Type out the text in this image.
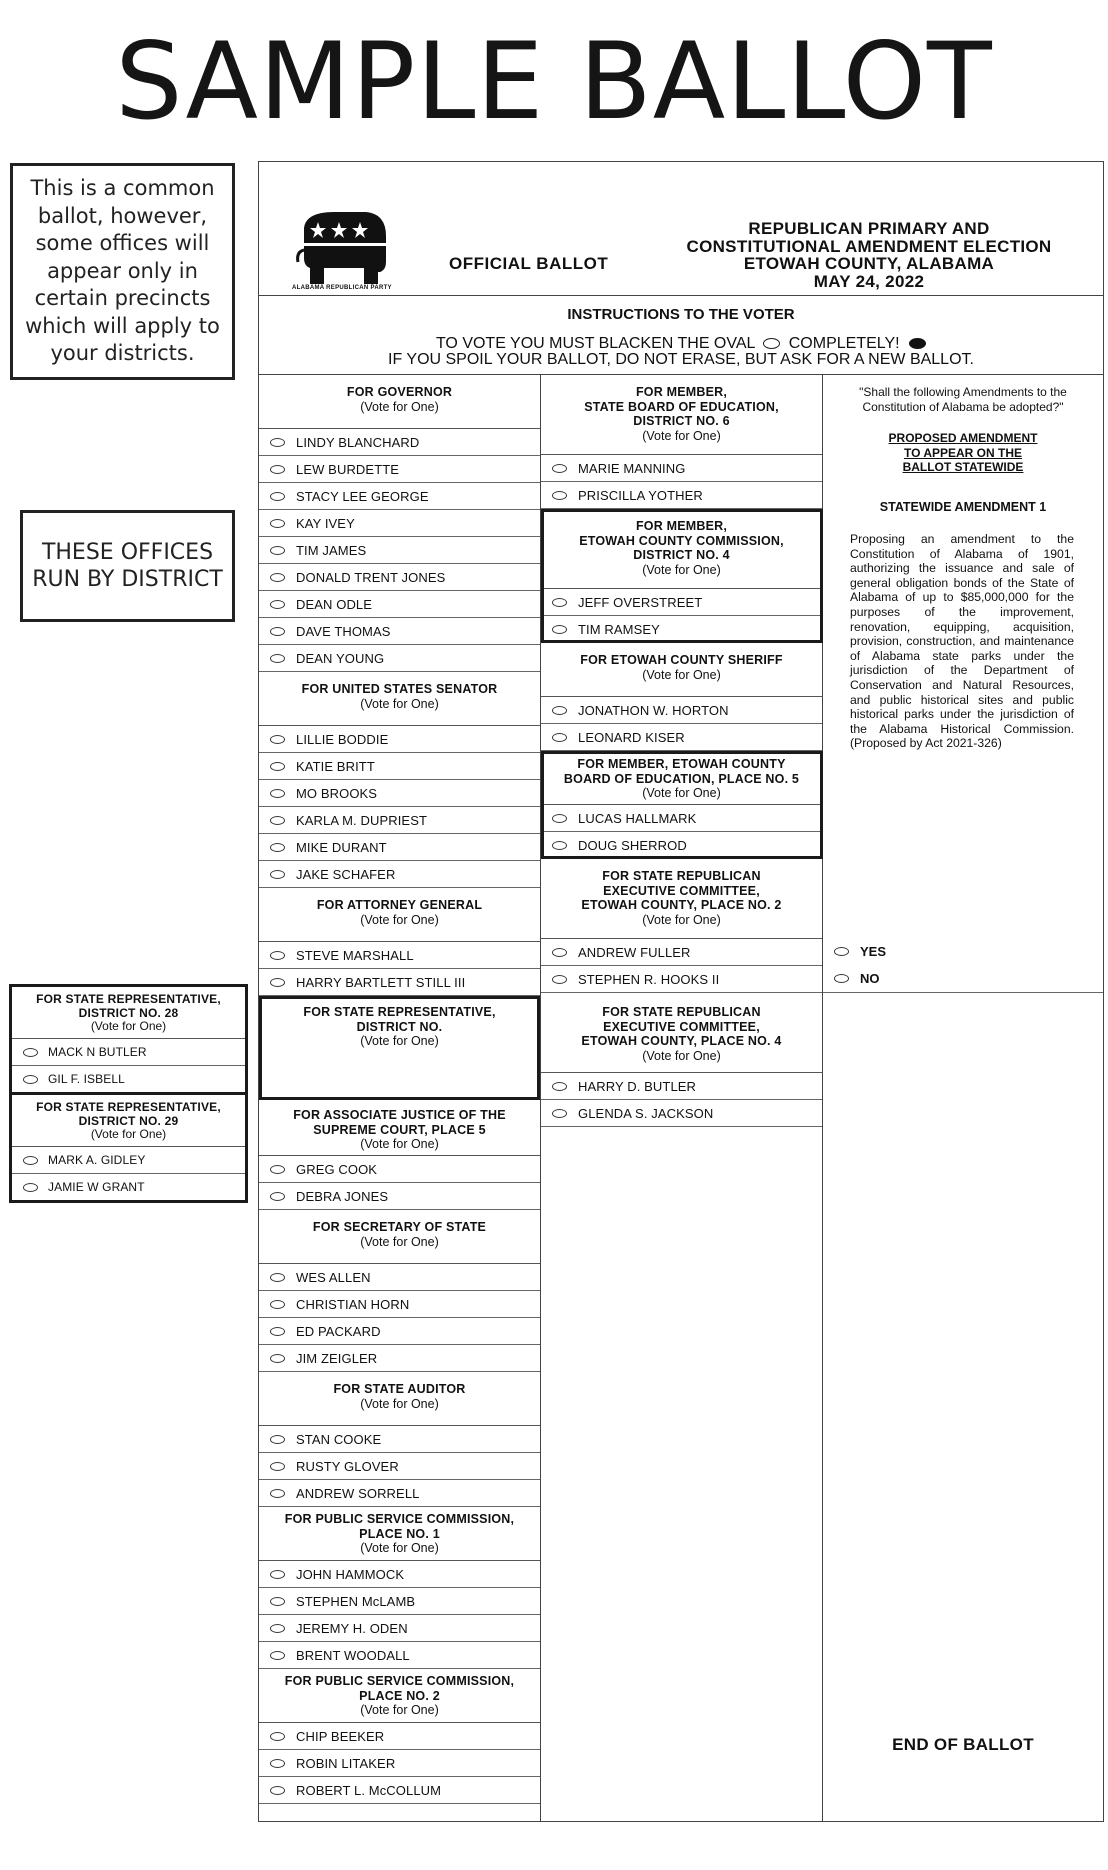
SAMPLE BALLOT
This is a common ballot, however, some offices will appear only in certain precincts which will apply to your districts.
THESE OFFICES RUN BY DISTRICT
ALABAMA REPUBLICAN PARTY
OFFICIAL BALLOT
REPUBLICAN PRIMARY AND
CONSTITUTIONAL AMENDMENT ELECTION
ETOWAH COUNTY, ALABAMA
MAY 24, 2022
INSTRUCTIONS TO THE VOTER
TO VOTE YOU MUST BLACKEN THE OVAL COMPLETELY!
IF YOU SPOIL YOUR BALLOT, DO NOT ERASE, BUT ASK FOR A NEW BALLOT.
FOR GOVERNOR
(Vote for One)
LINDY BLANCHARD
LEW BURDETTE
STACY LEE GEORGE
KAY IVEY
TIM JAMES
DONALD TRENT JONES
DEAN ODLE
DAVE THOMAS
DEAN YOUNG
FOR UNITED STATES SENATOR
(Vote for One)
LILLIE BODDIE
KATIE BRITT
MO BROOKS
KARLA M. DUPRIEST
MIKE DURANT
JAKE SCHAFER
FOR ATTORNEY GENERAL
(Vote for One)
STEVE MARSHALL
HARRY BARTLETT STILL III
FOR STATE REPRESENTATIVE,
DISTRICT NO.
(Vote for One)
FOR ASSOCIATE JUSTICE OF THE
SUPREME COURT, PLACE 5
(Vote for One)
GREG COOK
DEBRA JONES
FOR SECRETARY OF STATE
(Vote for One)
WES ALLEN
CHRISTIAN HORN
ED PACKARD
JIM ZEIGLER
FOR STATE AUDITOR
(Vote for One)
STAN COOKE
RUSTY GLOVER
ANDREW SORRELL
FOR PUBLIC SERVICE COMMISSION,
PLACE NO. 1
(Vote for One)
JOHN HAMMOCK
STEPHEN McLAMB
JEREMY H. ODEN
BRENT WOODALL
FOR PUBLIC SERVICE COMMISSION,
PLACE NO. 2
(Vote for One)
CHIP BEEKER
ROBIN LITAKER
ROBERT L. McCOLLUM
FOR MEMBER,
STATE BOARD OF EDUCATION,
DISTRICT NO. 6
(Vote for One)
MARIE MANNING
PRISCILLA YOTHER
FOR MEMBER,
ETOWAH COUNTY COMMISSION,
DISTRICT NO. 4
(Vote for One)
JEFF OVERSTREET
TIM RAMSEY
FOR ETOWAH COUNTY SHERIFF
(Vote for One)
JONATHON W. HORTON
LEONARD KISER
FOR MEMBER, ETOWAH COUNTY
BOARD OF EDUCATION, PLACE NO. 5
(Vote for One)
LUCAS HALLMARK
DOUG SHERROD
FOR STATE REPUBLICAN
EXECUTIVE COMMITTEE,
ETOWAH COUNTY, PLACE NO. 2
(Vote for One)
ANDREW FULLER
STEPHEN R. HOOKS II
FOR STATE REPUBLICAN
EXECUTIVE COMMITTEE,
ETOWAH COUNTY, PLACE NO. 4
(Vote for One)
HARRY D. BUTLER
GLENDA S. JACKSON
"Shall the following Amendments to the Constitution of Alabama be adopted?"
PROPOSED AMENDMENT
TO APPEAR ON THE
BALLOT STATEWIDE
STATEWIDE AMENDMENT 1
Proposing an amendment to the Constitution of Alabama of 1901, authorizing the issuance and sale of general obligation bonds of the State of Alabama of up to $85,000,000 for the purposes of the improvement, renovation, equipping, acquisition, provision, construction, and maintenance of Alabama state parks under the jurisdiction of the Department of Conservation and Natural Resources, and public historical sites and public historical parks under the jurisdiction of the Alabama Historical Commission. (Proposed by Act 2021-326)
YES
NO
END OF BALLOT
FOR STATE REPRESENTATIVE,
DISTRICT NO. 28
(Vote for One)
MACK N BUTLER
GIL F. ISBELL
FOR STATE REPRESENTATIVE,
DISTRICT NO. 29
(Vote for One)
MARK A. GIDLEY
JAMIE W GRANT
